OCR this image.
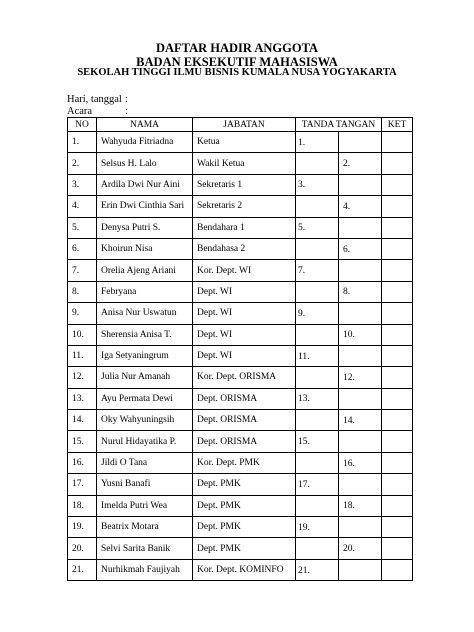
DAFTAR HADIR ANGGOTA
BADAN EKSEKUTIF MAHASISWA
SEKOLAH TINGGI ILMU BISNIS KUMALA NUSA YOGYAKARTA
Hari, tanggal :
Acara	:
NO	NAMA	JABATAN	TANDA TANGAN		KET
1.	Wahyuda Fitriadna	Ketua	1.		

2.	Selsus H. Lalo	Wakil Ketua		2.	

3.	Ardila Dwi Nur Aini	Sekretaris 1	3.		

4.	Erin Dwi Cinthia Sari	Sekretaris 2		4.	

5.	Denysa Putri S.	Bendahara 1	5.		

6.	Khoirun Nisa	Bendahasa 2		6.	

7.	Orelia Ajeng Ariani	Kor. Dept. WI	7.		

8.	Febryana	Dept. WI		8.	

9.	Anisa Nur Uswatun	Dept. WI	9.		

10.	Sherensia Anisa T.	Dept. WI		10.	

11.	Iga Setyaningrum	Dept. WI	11.		

12.	Julia Nur Amanah	Kor. Dept. ORISMA		12.	

13.	Ayu Permata Dewi	Dept. ORISMA	13.		

14.	Oky Wahyuningsih	Dept. ORISMA		14.	

15.	Nurul Hidayatika P.	Dept. ORISMA	15.		

16.	Jildi O Tana	Kor. Dept. PMK		16.	

17.	Yusni Banafi	Dept. PMK	17.		

18.	Imelda Putri Wea	Dept. PMK		18.	

19.	Beatrix Motara	Dept. PMK	19.		

20.	Selvi Sarita Banik	Dept. PMK		20.	

21.	Nurhikmah Faujiyah	Kor. Dept. KOMINFO	21.		
